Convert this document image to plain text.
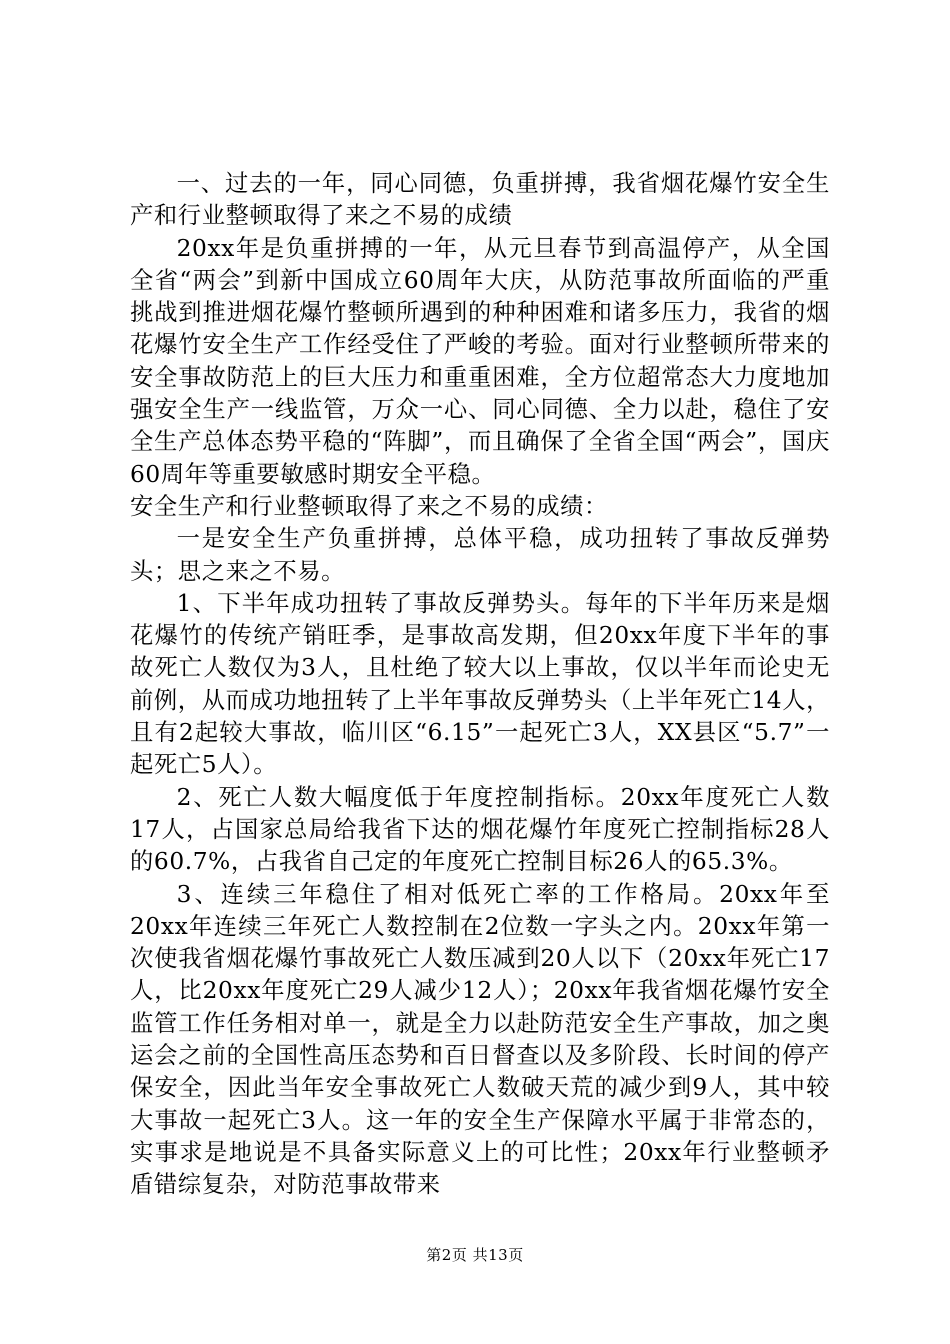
一、过去的一年，同心同德，负重拼搏，我省烟花爆竹安全生产和行业整顿取得了来之不易的成绩

20xx年是负重拼搏的一年，从元旦春节到高温停产，从全国全省“两会”到新中国成立60周年大庆，从防范事故所面临的严重挑战到推进烟花爆竹整顿所遇到的种种困难和诸多压力，我省的烟花爆竹安全生产工作经受住了严峻的考验。面对行业整顿所带来的安全事故防范上的巨大压力和重重困难，全方位超常态大力度地加强安全生产一线监管，万众一心、同心同德、全力以赴，稳住了安全生产总体态势平稳的“阵脚”，而且确保了全省全国“两会”，国庆60周年等重要敏感时期安全平稳。

安全生产和行业整顿取得了来之不易的成绩：

一是安全生产负重拼搏，总体平稳，成功扭转了事故反弹势头；思之来之不易。

1、下半年成功扭转了事故反弹势头。每年的下半年历来是烟花爆竹的传统产销旺季，是事故高发期，但20xx年度下半年的事故死亡人数仅为3人，且杜绝了较大以上事故，仅以半年而论史无前例，从而成功地扭转了上半年事故反弹势头（上半年死亡14人，且有2起较大事故，临川区“6.15”一起死亡3人，XX县区“5.7”一起死亡5人）。

2、死亡人数大幅度低于年度控制指标。20xx年度死亡人数17人，占国家总局给我省下达的烟花爆竹年度死亡控制指标28人的60.7%，占我省自己定的年度死亡控制目标26人的65.3%。

3、连续三年稳住了相对低死亡率的工作格局。20xx年至20xx年连续三年死亡人数控制在2位数一字头之内。20xx年第一次使我省烟花爆竹事故死亡人数压减到20人以下（20xx年死亡17人，比20xx年度死亡29人减少12人）；20xx年我省烟花爆竹安全监管工作任务相对单一，就是全力以赴防范安全生产事故，加之奥运会之前的全国性高压态势和百日督查以及多阶段、长时间的停产保安全，因此当年安全事故死亡人数破天荒的减少到9人，其中较大事故一起死亡3人。这一年的安全生产保障水平属于非常态的，实事求是地说是不具备实际意义上的可比性；20xx年行业整顿矛盾错综复杂，对防范事故带来

第2页 共13页
